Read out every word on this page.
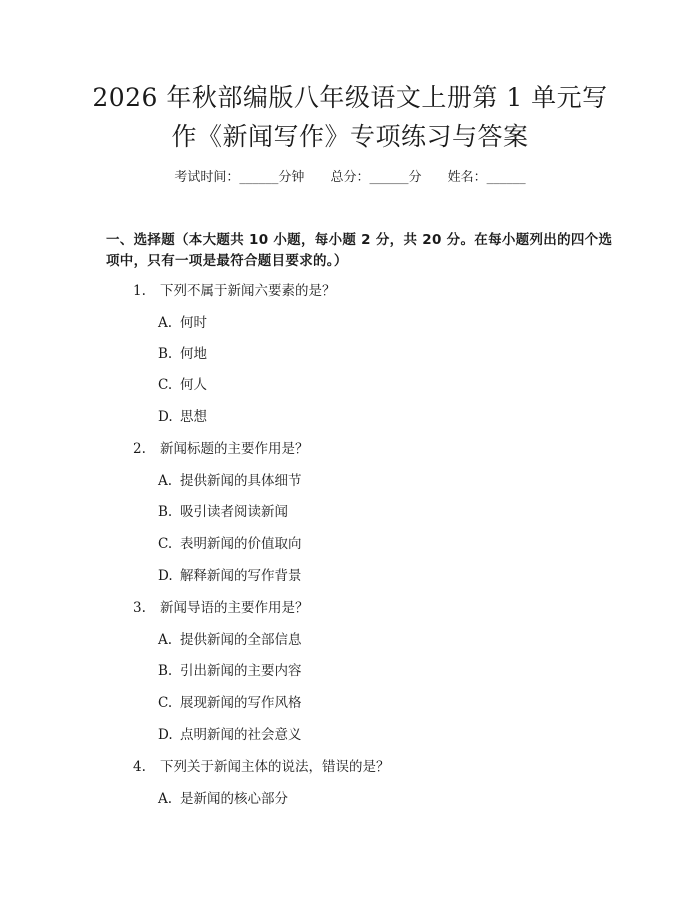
2026 年秋部编版八年级语文上册第 1 单元写
作《新闻写作》专项练习与答案
考试时间：______分钟 总分：______分 姓名：______
一、选择题（本大题共 10 小题，每小题 2 分，共 20 分。在每小题列出的四个选
项中，只有一项是最符合题目要求的。）
1. 下列不属于新闻六要素的是？
A. 何时
B. 何地
C. 何人
D. 思想
2. 新闻标题的主要作用是？
A. 提供新闻的具体细节
B. 吸引读者阅读新闻
C. 表明新闻的价值取向
D. 解释新闻的写作背景
3. 新闻导语的主要作用是？
A. 提供新闻的全部信息
B. 引出新闻的主要内容
C. 展现新闻的写作风格
D. 点明新闻的社会意义
4. 下列关于新闻主体的说法，错误的是？
A. 是新闻的核心部分
